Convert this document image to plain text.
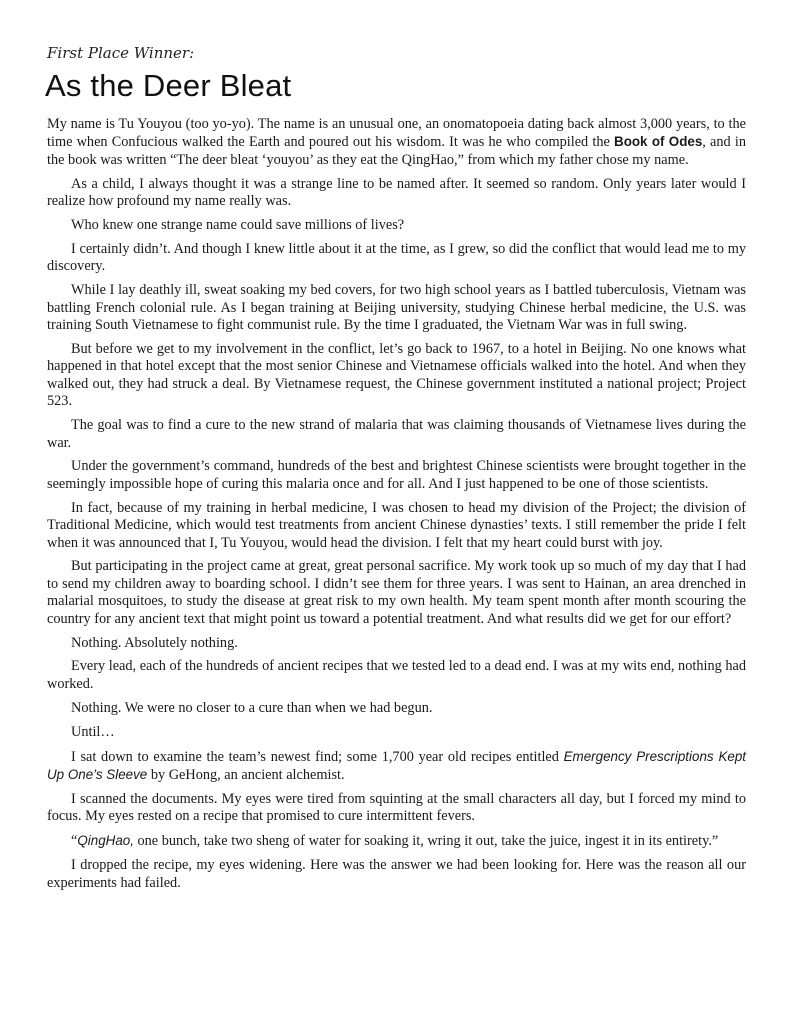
First Place Winner:
As the Deer Bleat

My name is Tu Youyou (too yo-yo). The name is an unusual one, an onomatopoeia dating back almost 3,000 years, to the time when Confucious walked the Earth and poured out his wisdom. It was he who compiled the Book of Odes, and in the book was written “The deer bleat ‘youyou’ as they eat the QingHao,” from which my father chose my name.

As a child, I always thought it was a strange line to be named after. It seemed so random. Only years later would I realize how profound my name really was.

Who knew one strange name could save millions of lives?

I certainly didn’t. And though I knew little about it at the time, as I grew, so did the conflict that would lead me to my discovery.

While I lay deathly ill, sweat soaking my bed covers, for two high school years as I battled tuberculosis, Vietnam was battling French colonial rule. As I began training at Beijing university, studying Chinese herbal medicine, the U.S. was training South Vietnamese to fight communist rule. By the time I graduated, the Vietnam War was in full swing.

But before we get to my involvement in the conflict, let’s go back to 1967, to a hotel in Beijing. No one knows what happened in that hotel except that the most senior Chinese and Vietnamese officials walked into the hotel. And when they walked out, they had struck a deal. By Vietnamese request, the Chinese government instituted a national project; Project 523.

The goal was to find a cure to the new strand of malaria that was claiming thousands of Vietnamese lives during the war.

Under the government’s command, hundreds of the best and brightest Chinese scientists were brought together in the seemingly impossible hope of curing this malaria once and for all. And I just happened to be one of those scientists.

In fact, because of my training in herbal medicine, I was chosen to head my division of the Project; the division of Traditional Medicine, which would test treatments from ancient Chinese dynasties’ texts. I still remember the pride I felt when it was announced that I, Tu Youyou, would head the division. I felt that my heart could burst with joy.

But participating in the project came at great, great personal sacrifice. My work took up so much of my day that I had to send my children away to boarding school. I didn’t see them for three years. I was sent to Hainan, an area drenched in malarial mosquitoes, to study the disease at great risk to my own health. My team spent month after month scouring the country for any ancient text that might point us toward a potential treatment. And what results did we get for our effort?

Nothing. Absolutely nothing.

Every lead, each of the hundreds of ancient recipes that we tested led to a dead end. I was at my wits end, nothing had worked.

Nothing. We were no closer to a cure than when we had begun.

Until…

I sat down to examine the team’s newest find; some 1,700 year old recipes entitled Emergency Prescriptions Kept Up One’s Sleeve by GeHong, an ancient alchemist.

I scanned the documents. My eyes were tired from squinting at the small characters all day, but I forced my mind to focus. My eyes rested on a recipe that promised to cure intermittent fevers.

“QingHao, one bunch, take two sheng of water for soaking it, wring it out, take the juice, ingest it in its entirety.”

I dropped the recipe, my eyes widening. Here was the answer we had been looking for. Here was the reason all our experiments had failed.
